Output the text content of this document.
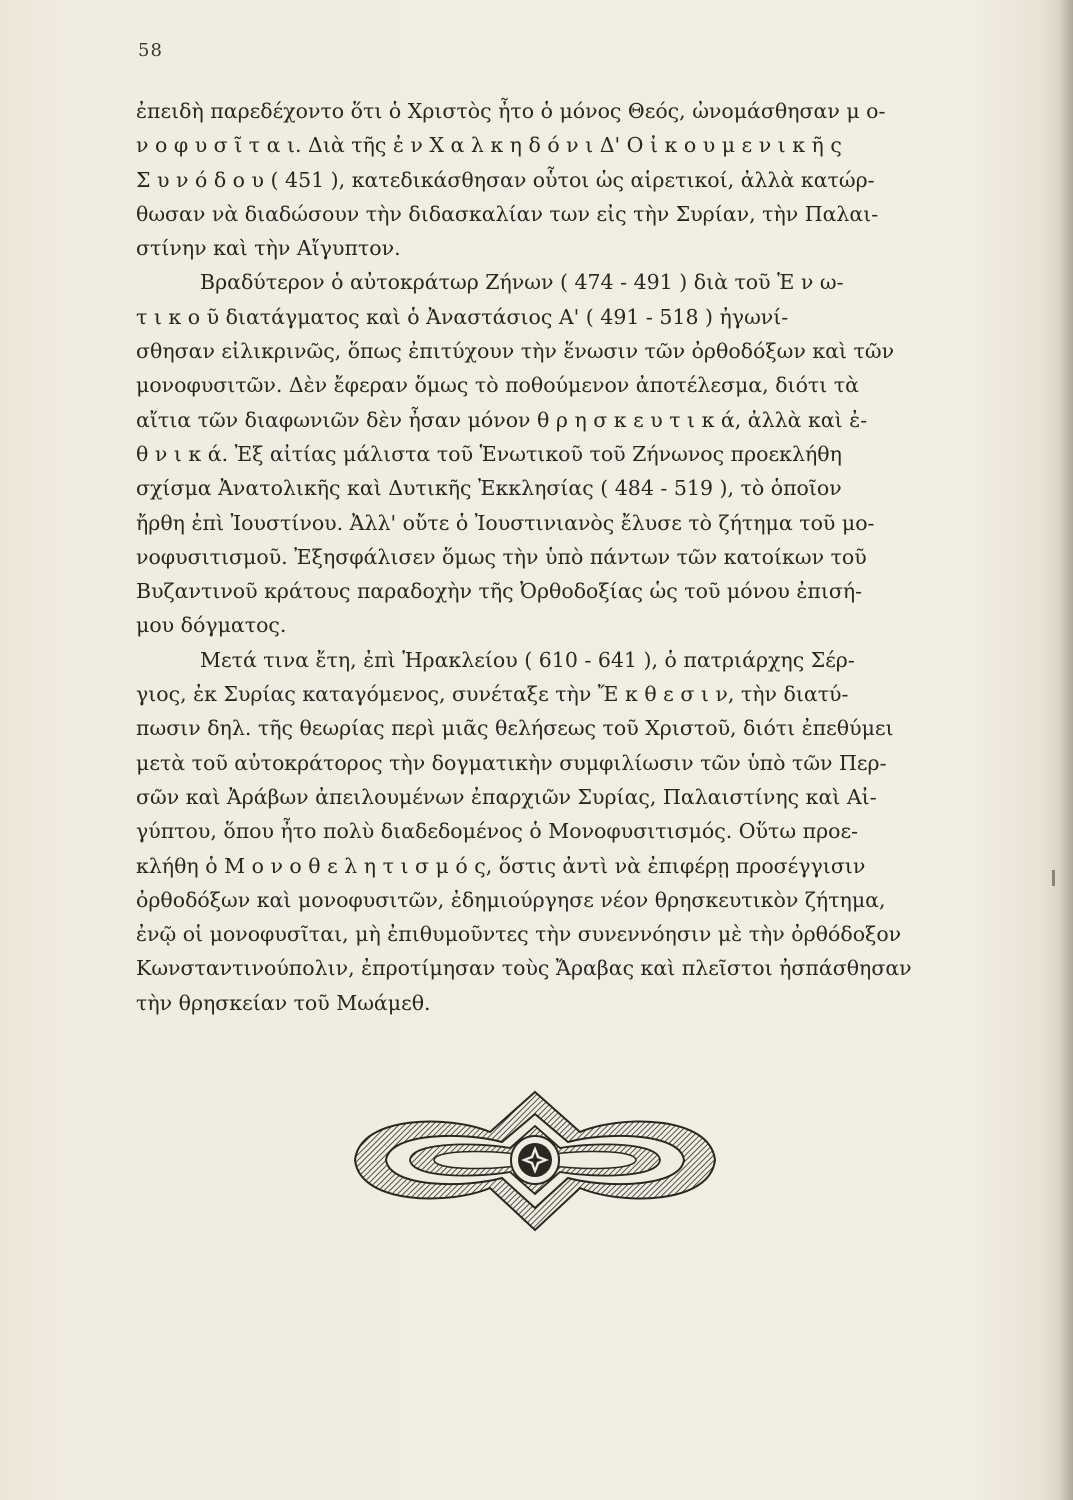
58
ἐπειδὴ παρεδέχοντο ὅτι ὁ Χριστὸς ἦτο ὁ μόνος Θεός, ὠνομάσθησαν μ ο-
ν ο φ υ σ ῖ τ α ι. Διὰ τῆς ἐ ν Χ α λ κ η δ ό ν ι Δ' Ο ἰ κ ο υ μ ε ν ι κ ῆ ς
Σ υ ν ό δ ο υ ( 451 ), κατεδικάσθησαν οὗτοι ὡς αἱρετικοί, ἀλλὰ κατώρ-
θωσαν νὰ διαδώσουν τὴν διδασκαλίαν των εἰς τὴν Συρίαν, τὴν Παλαι-
στίνην καὶ τὴν Αἴγυπτον.
Βραδύτερον ὁ αὐτοκράτωρ Ζήνων ( 474 - 491 ) διὰ τοῦ Ἑ ν ω-
τ ι κ ο ῦ διατάγματος καὶ ὁ Ἀναστάσιος Α' ( 491 - 518 ) ἠγωνί-
σθησαν εἰλικρινῶς, ὅπως ἐπιτύχουν τὴν ἕνωσιν τῶν ὀρθοδόξων καὶ τῶν
μονοφυσιτῶν. Δὲν ἔφεραν ὅμως τὸ ποθούμενον ἀποτέλεσμα, διότι τὰ
αἴτια τῶν διαφωνιῶν δὲν ἦσαν μόνον θ ρ η σ κ ε υ τ ι κ ά, ἀλλὰ καὶ ἐ-
θ ν ι κ ά. Ἐξ αἰτίας μάλιστα τοῦ Ἑνωτικοῦ τοῦ Ζήνωνος προεκλήθη
σχίσμα Ἀνατολικῆς καὶ Δυτικῆς Ἐκκλησίας ( 484 - 519 ), τὸ ὁποῖον
ἤρθη ἐπὶ Ἰουστίνου. Ἀλλ' οὔτε ὁ Ἰουστινιανὸς ἔλυσε τὸ ζήτημα τοῦ μο-
νοφυσιτισμοῦ. Ἐξησφάλισεν ὅμως τὴν ὑπὸ πάντων τῶν κατοίκων τοῦ
Βυζαντινοῦ κράτους παραδοχὴν τῆς Ὀρθοδοξίας ὡς τοῦ μόνου ἐπισή-
μου δόγματος.
Μετά τινα ἔτη, ἐπὶ Ἡρακλείου ( 610 - 641 ), ὁ πατριάρχης Σέρ-
γιος, ἐκ Συρίας καταγόμενος, συνέταξε τὴν Ἔ κ θ ε σ ι ν, τὴν διατύ-
πωσιν δηλ. τῆς θεωρίας περὶ μιᾶς θελήσεως τοῦ Χριστοῦ, διότι ἐπεθύμει
μετὰ τοῦ αὐτοκράτορος τὴν δογματικὴν συμφιλίωσιν τῶν ὑπὸ τῶν Περ-
σῶν καὶ Ἀράβων ἀπειλουμένων ἐπαρχιῶν Συρίας, Παλαιστίνης καὶ Αἰ-
γύπτου, ὅπου ἦτο πολὺ διαδεδομένος ὁ Μονοφυσιτισμός. Οὕτω προε-
κλήθη ὁ Μ ο ν ο θ ε λ η τ ι σ μ ό ς, ὅστις ἀντὶ νὰ ἐπιφέρῃ προσέγγισιν
ὀρθοδόξων καὶ μονοφυσιτῶν, ἐδημιούργησε νέον θρησκευτικὸν ζήτημα,
ἐνῷ οἱ μονοφυσῖται, μὴ ἐπιθυμοῦντες τὴν συνεννόησιν μὲ τὴν ὀρθόδοξον
Κωνσταντινούπολιν, ἐπροτίμησαν τοὺς Ἄραβας καὶ πλεῖστοι ἠσπάσθησαν
τὴν θρησκείαν τοῦ Μωάμεθ.
